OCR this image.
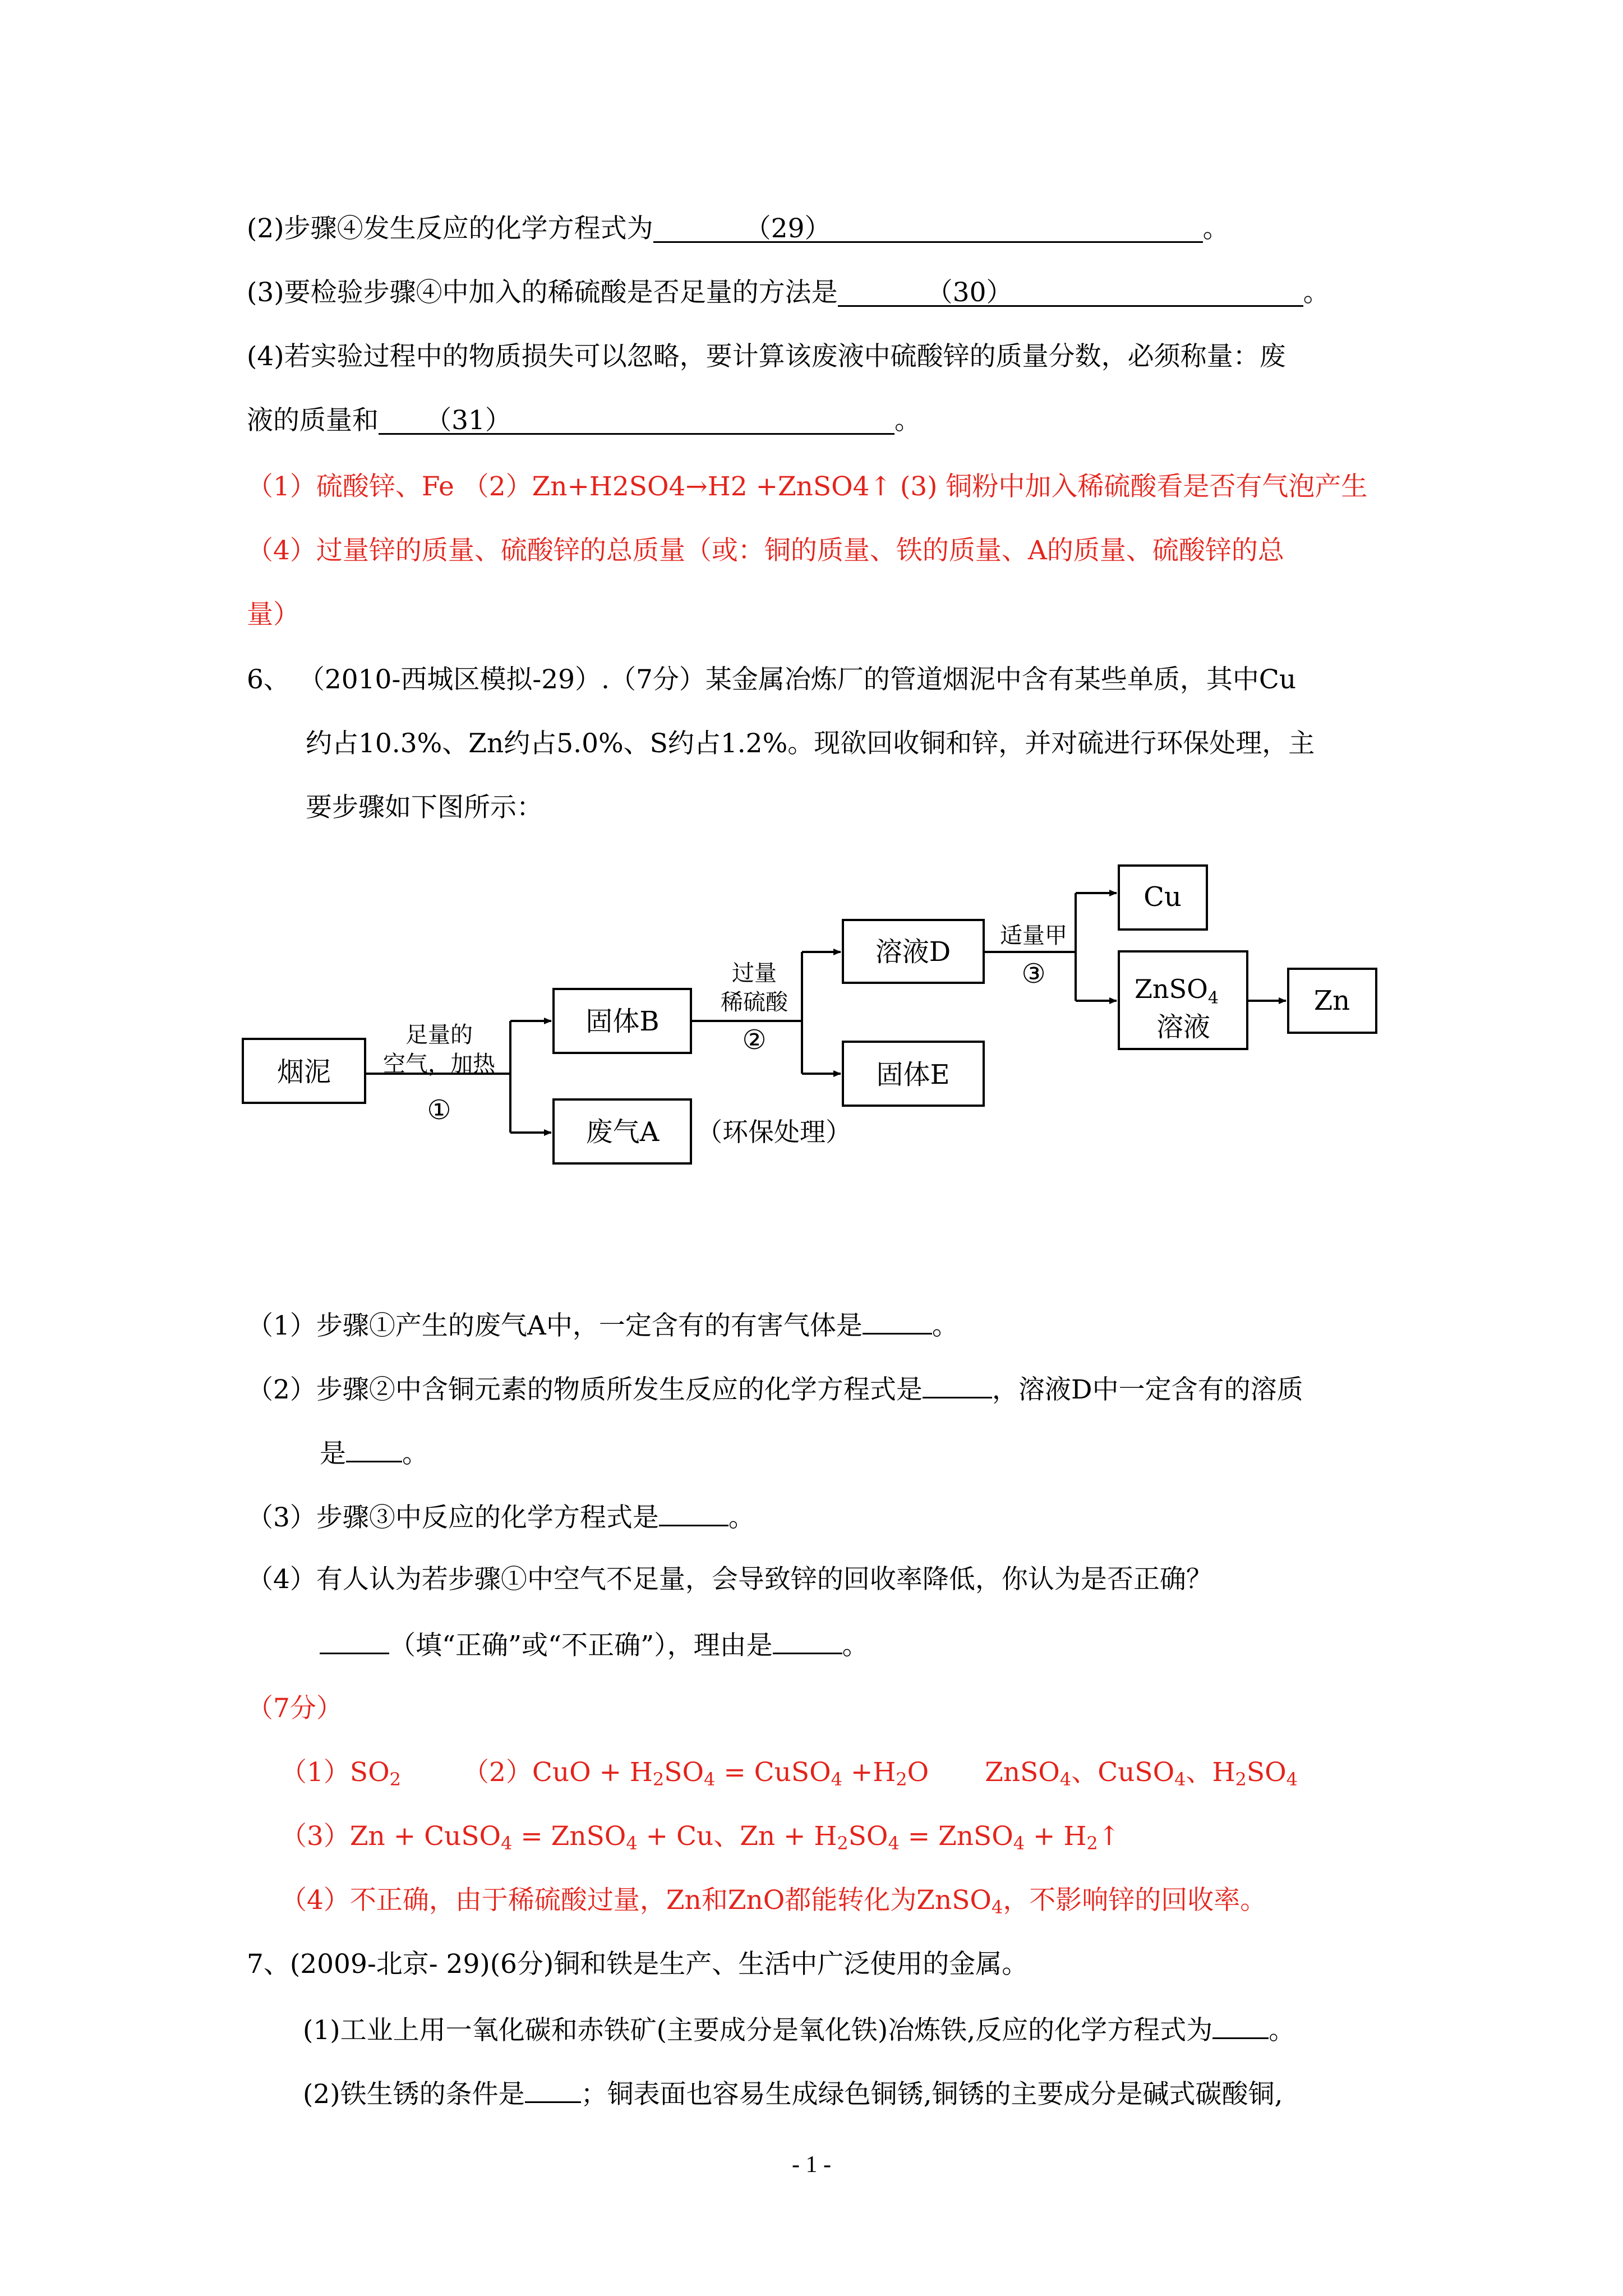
(2)步骤④发生反应的化学方程式为	（29）	。
(3)要检验步骤④中加入的稀硫酸是否足量的方法是	（30）	。
(4)若实验过程中的物质损失可以忽略，要计算该废液中硫酸锌的质量分数，必须称量：废
液的质量和 （31）	。
（1）硫酸锌、Fe （2）Zn+H2SO4→H2 +ZnSO4↑ (3) 铜粉中加入稀硫酸看是否有气泡产生
（4）过量锌的质量、硫酸锌的总质量（或：铜的质量、铁的质量、A的质量、硫酸锌的总
量）
6、 （2010-西城区模拟-29）.（7分）某金属冶炼厂的管道烟泥中含有某些单质，其中Cu
约占10.3%、Zn约占5.0%、S约占1.2%。现欲回收铜和锌，并对硫进行环保处理，主
要步骤如下图所示：
烟泥
固体B
废气A
溶液D
固体E
Cu
Zn
溶液
ZnSO$_4$
足量的
空气，加热
①
过量
稀硫酸
②
适量甲
③
（环保处理）
（1）步骤①产生的废气A中，一定含有的有害气体是	。
（2）步骤②中含铜元素的物质所发生反应的化学方程式是	，溶液D中一定含有的溶质
是 。
（3）步骤③中反应的化学方程式是	。
（4）有人认为若步骤①中空气不足量，会导致锌的回收率降低，你认为是否正确？
（填“正确”或“不正确”），理由是	。
（7分）
$(1)SO_2$ $(2)CuO + H_2SO_4$ = CuSO$_4$ $+H_2O$ ZnSO$_4$、CuSO$_4$、$H_2SO_4$
（3）Zn + CuSO$_4$ = ZnSO$_4$ + Cu、$Zn + H_2SO_4$ = ZnSO$_4$ + $H_2↑$
（4）不正确，由于稀硫酸过量，Zn和ZnO都能转化为ZnSO$_4$，不影响锌的回收率。
7、(2009-北京- 29)(6分)铜和铁是生产、生活中广泛使用的金属。
(1)工业上用一氧化碳和赤铁矿(主要成分是氧化铁)冶炼铁,反应的化学方程式为 。
(2)铁生锈的条件是 ；铜表面也容易生成绿色铜锈,铜锈的主要成分是碱式碳酸铜,
- 1 -
